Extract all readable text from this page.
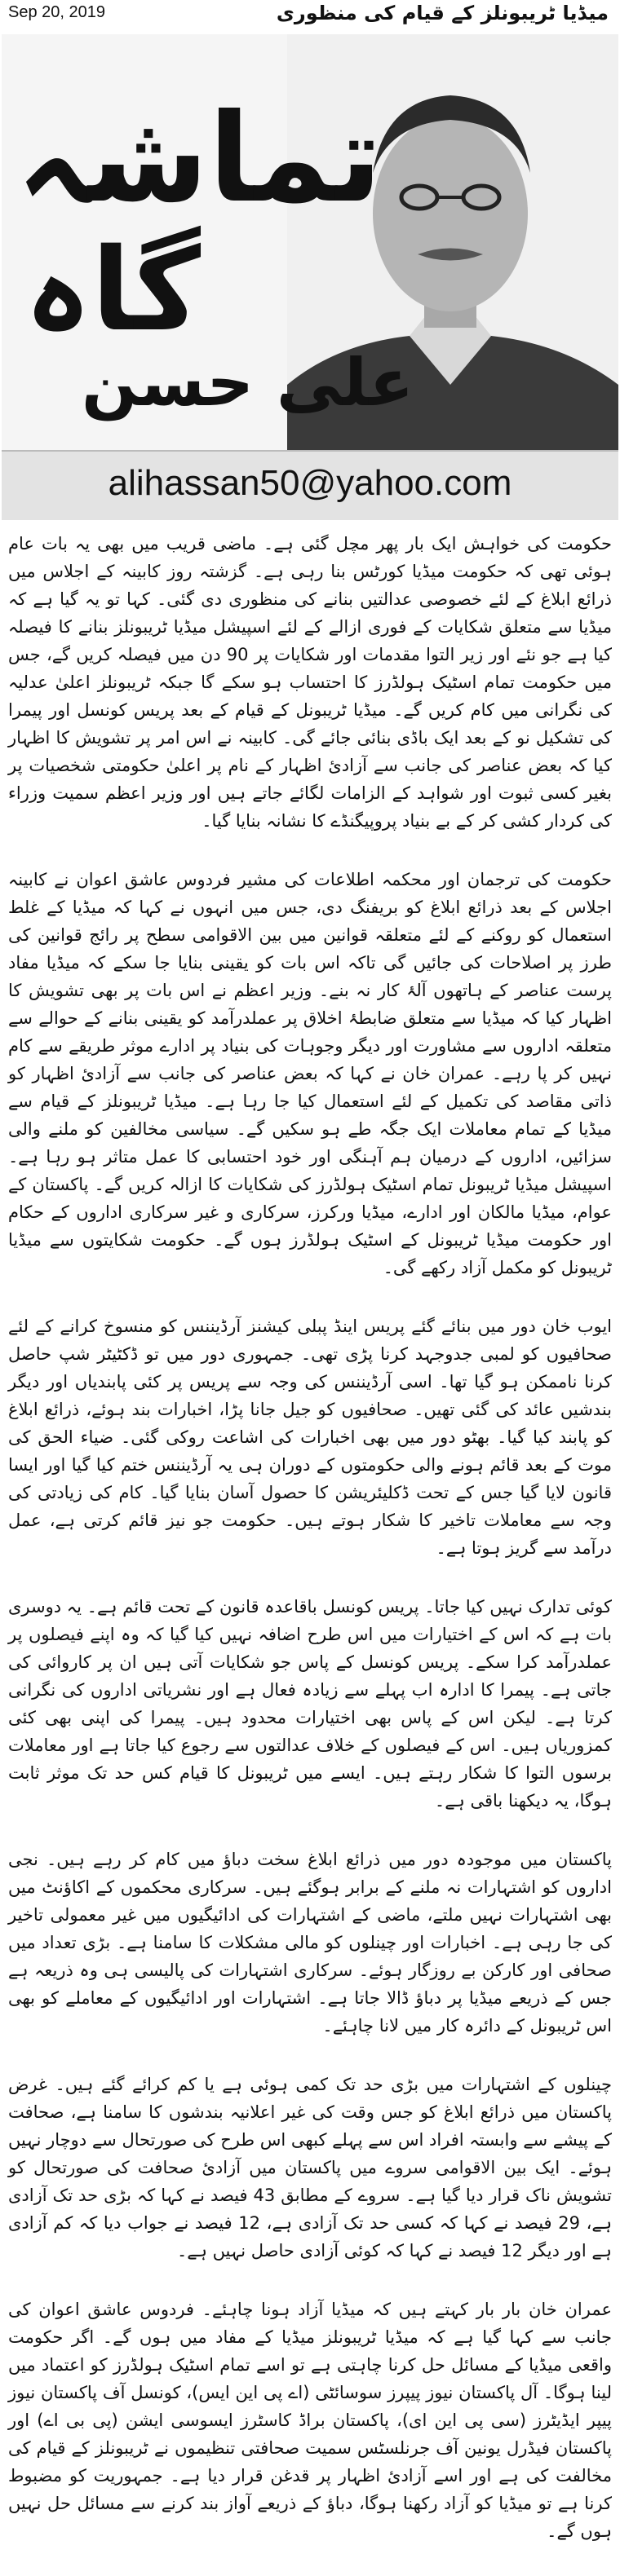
Sep 20, 2019	میڈیا ٹریبونلز کے قیام کی منظوری
تماشہ
گاہ
علی حسن
alihassan50@yahoo.com

حکومت کی خواہش ایک بار پھر مچل گئی ہے۔ ماضی قریب میں بھی یہ بات عام ہوئی تھی کہ حکومت میڈیا کورٹس بنا رہی ہے۔ گزشتہ روز کابینہ کے اجلاس میں ذرائع ابلاغ کے لئے خصوصی عدالتیں بنانے کی منظوری دی گئی۔ کہا تو یہ گیا ہے کہ میڈیا سے متعلق شکایات کے فوری ازالے کے لئے اسپیشل میڈیا ٹریبونلز بنانے کا فیصلہ کیا ہے جو نئے اور زیر التوا مقدمات اور شکایات پر 90 دن میں فیصلہ کریں گے، جس میں حکومت تمام اسٹیک ہولڈرز کا احتساب ہو سکے گا جبکہ ٹریبونلز اعلیٰ عدلیہ کی نگرانی میں کام کریں گے۔ میڈیا ٹریبونل کے قیام کے بعد پریس کونسل اور پیمرا کی تشکیل نو کے بعد ایک باڈی بنائی جائے گی۔ کابینہ نے اس امر پر تشویش کا اظہار کیا کہ بعض عناصر کی جانب سے آزادیٔ اظہار کے نام پر اعلیٰ حکومتی شخصیات پر بغیر کسی ثبوت اور شواہد کے الزامات لگائے جاتے ہیں اور وزیر اعظم سمیت وزراء کی کردار کشی کر کے بے بنیاد پروپیگنڈے کا نشانہ بنایا گیا۔

حکومت کی ترجمان اور محکمہ اطلاعات کی مشیر فردوس عاشق اعوان نے کابینہ اجلاس کے بعد ذرائع ابلاغ کو بریفنگ دی، جس میں انہوں نے کہا کہ میڈیا کے غلط استعمال کو روکنے کے لئے متعلقہ قوانین میں بین الاقوامی سطح پر رائج قوانین کی طرز پر اصلاحات کی جائیں گی تاکہ اس بات کو یقینی بنایا جا سکے کہ میڈیا مفاد پرست عناصر کے ہاتھوں آلۂ کار نہ بنے۔ وزیر اعظم نے اس بات پر بھی تشویش کا اظہار کیا کہ میڈیا سے متعلق ضابطۂ اخلاق پر عملدرآمد کو یقینی بنانے کے حوالے سے متعلقہ اداروں سے مشاورت اور دیگر وجوہات کی بنیاد پر ادارے موثر طریقے سے کام نہیں کر پا رہے۔ عمران خان نے کہا کہ بعض عناصر کی جانب سے آزادیٔ اظہار کو ذاتی مقاصد کی تکمیل کے لئے استعمال کیا جا رہا ہے۔ میڈیا ٹریبونلز کے قیام سے میڈیا کے تمام معاملات ایک جگہ طے ہو سکیں گے۔ سیاسی مخالفین کو ملنے والی سزائیں، اداروں کے درمیان ہم آہنگی اور خود احتسابی کا عمل متاثر ہو رہا ہے۔ اسپیشل میڈیا ٹریبونل تمام اسٹیک ہولڈرز کی شکایات کا ازالہ کریں گے۔ پاکستان کے عوام، میڈیا مالکان اور ادارے، میڈیا ورکرز، سرکاری و غیر سرکاری اداروں کے حکام اور حکومت میڈیا ٹریبونل کے اسٹیک ہولڈرز ہوں گے۔ حکومت شکایتوں سے میڈیا ٹریبونل کو مکمل آزاد رکھے گی۔

ایوب خان دور میں بنائے گئے پریس اینڈ پبلی کیشنز آرڈیننس کو منسوخ کرانے کے لئے صحافیوں کو لمبی جدوجہد کرنا پڑی تھی۔ جمہوری دور میں تو ڈکٹیٹر شپ حاصل کرنا ناممکن ہو گیا تھا۔ اسی آرڈیننس کی وجہ سے پریس پر کئی پابندیاں اور دیگر بندشیں عائد کی گئی تھیں۔ صحافیوں کو جیل جانا پڑا، اخبارات بند ہوئے، ذرائع ابلاغ کو پابند کیا گیا۔ بھٹو دور میں بھی اخبارات کی اشاعت روکی گئی۔ ضیاء الحق کی موت کے بعد قائم ہونے والی حکومتوں کے دوران ہی یہ آرڈیننس ختم کیا گیا اور ایسا قانون لایا گیا جس کے تحت ڈکلیئریشن کا حصول آسان بنایا گیا۔ کام کی زیادتی کی وجہ سے معاملات تاخیر کا شکار ہوتے ہیں۔ حکومت جو نیز قائم کرتی ہے، عمل درآمد سے گریز ہوتا ہے۔

کوئی تدارک نہیں کیا جاتا۔ پریس کونسل باقاعدہ قانون کے تحت قائم ہے۔ یہ دوسری بات ہے کہ اس کے اختیارات میں اس طرح اضافہ نہیں کیا گیا کہ وہ اپنے فیصلوں پر عملدرآمد کرا سکے۔ پریس کونسل کے پاس جو شکایات آتی ہیں ان پر کاروائی کی جاتی ہے۔ پیمرا کا ادارہ اب پہلے سے زیادہ فعال ہے اور نشریاتی اداروں کی نگرانی کرتا ہے۔ لیکن اس کے پاس بھی اختیارات محدود ہیں۔ پیمرا کی اپنی بھی کئی کمزوریاں ہیں۔ اس کے فیصلوں کے خلاف عدالتوں سے رجوع کیا جاتا ہے اور معاملات برسوں التوا کا شکار رہتے ہیں۔ ایسے میں ٹریبونل کا قیام کس حد تک موثر ثابت ہوگا، یہ دیکھنا باقی ہے۔

پاکستان میں موجودہ دور میں ذرائع ابلاغ سخت دباؤ میں کام کر رہے ہیں۔ نجی اداروں کو اشتہارات نہ ملنے کے برابر ہوگئے ہیں۔ سرکاری محکموں کے اکاؤنٹ میں بھی اشتہارات نہیں ملتے، ماضی کے اشتہارات کی ادائیگیوں میں غیر معمولی تاخیر کی جا رہی ہے۔ اخبارات اور چینلوں کو مالی مشکلات کا سامنا ہے۔ بڑی تعداد میں صحافی اور کارکن بے روزگار ہوئے۔ سرکاری اشتہارات کی پالیسی ہی وہ ذریعہ ہے جس کے ذریعے میڈیا پر دباؤ ڈالا جاتا ہے۔ اشتہارات اور ادائیگیوں کے معاملے کو بھی اس ٹریبونل کے دائرہ کار میں لانا چاہئے۔

چینلوں کے اشتہارات میں بڑی حد تک کمی ہوئی ہے یا کم کرائے گئے ہیں۔ غرض پاکستان میں ذرائع ابلاغ کو جس وقت کی غیر اعلانیہ بندشوں کا سامنا ہے، صحافت کے پیشے سے وابستہ افراد اس سے پہلے کبھی اس طرح کی صورتحال سے دوچار نہیں ہوئے۔ ایک بین الاقوامی سروے میں پاکستان میں آزادیٔ صحافت کی صورتحال کو تشویش ناک قرار دیا گیا ہے۔ سروے کے مطابق 43 فیصد نے کہا کہ بڑی حد تک آزادی ہے، 29 فیصد نے کہا کہ کسی حد تک آزادی ہے، 12 فیصد نے جواب دیا کہ کم آزادی ہے اور دیگر 12 فیصد نے کہا کہ کوئی آزادی حاصل نہیں ہے۔

عمران خان بار بار کہتے ہیں کہ میڈیا آزاد ہونا چاہئے۔ فردوس عاشق اعوان کی جانب سے کہا گیا ہے کہ میڈیا ٹریبونلز میڈیا کے مفاد میں ہوں گے۔ اگر حکومت واقعی میڈیا کے مسائل حل کرنا چاہتی ہے تو اسے تمام اسٹیک ہولڈرز کو اعتماد میں لینا ہوگا۔ آل پاکستان نیوز پیپرز سوسائٹی (اے پی این ایس)، کونسل آف پاکستان نیوز پیپر ایڈیٹرز (سی پی این ای)، پاکستان براڈ کاسٹرز ایسوسی ایشن (پی بی اے) اور پاکستان فیڈرل یونین آف جرنلسٹس سمیت صحافتی تنظیموں نے ٹریبونلز کے قیام کی مخالفت کی ہے اور اسے آزادیٔ اظہار پر قدغن قرار دیا ہے۔ جمہوریت کو مضبوط کرنا ہے تو میڈیا کو آزاد رکھنا ہوگا، دباؤ کے ذریعے آواز بند کرنے سے مسائل حل نہیں ہوں گے۔
